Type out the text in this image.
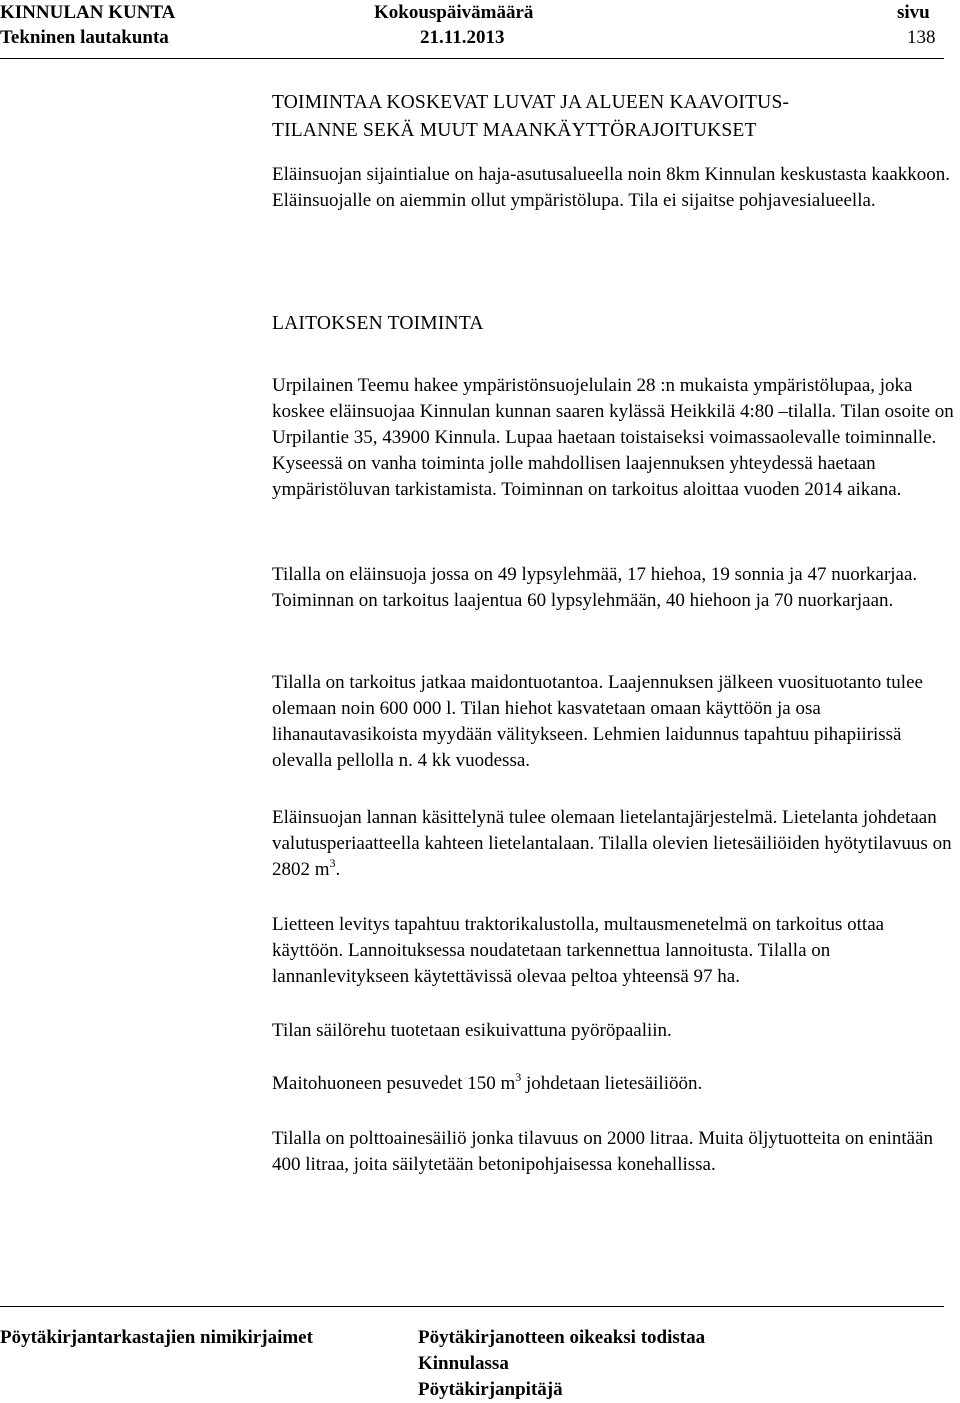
KINNULAN KUNTA
Tekninen lautakunta
Kokouspäivämäärä
21.11.2013
sivu
138
TOIMINTAA KOSKEVAT LUVAT JA ALUEEN KAAVOITUS-
TILANNE SEKÄ MUUT MAANKÄYTTÖRAJOITUKSET

Eläinsuojan sijaintialue on haja-asutusalueella noin 8km Kinnulan keskustasta kaakkoon. Eläinsuojalle on aiemmin ollut ympäristölupa. Tila ei sijaitse pohjavesialueella.

LAITOKSEN TOIMINTA

Urpilainen Teemu hakee ympäristönsuojelulain 28 :n mukaista ympäristölupaa, joka koskee eläinsuojaa Kinnulan kunnan saaren kylässä Heikkilä 4:80 –tilalla. Tilan osoite on Urpilantie 35, 43900 Kinnula. Lupaa haetaan toistaiseksi voimassaolevalle toiminnalle. Kyseessä on vanha toiminta jolle mahdollisen laajennuksen yhteydessä haetaan ympäristöluvan tarkistamista. Toiminnan on tarkoitus aloittaa vuoden 2014 aikana.

Tilalla on eläinsuoja jossa on 49 lypsylehmää, 17 hiehoa, 19 sonnia ja 47 nuorkarjaa. Toiminnan on tarkoitus laajentua 60 lypsylehmään, 40 hiehoon ja 70 nuorkarjaan.

Tilalla on tarkoitus jatkaa maidontuotantoa. Laajennuksen jälkeen vuosituotanto tulee olemaan noin 600 000 l. Tilan hiehot kasvatetaan omaan käyttöön ja osa lihanautavasikoista myydään välitykseen. Lehmien laidunnus tapahtuu pihapiirissä olevalla pellolla n. 4 kk vuodessa.

Eläinsuojan lannan käsittelynä tulee olemaan lietelantajärjestelmä. Lietelanta johdetaan valutusperiaatteella kahteen lietelantalaan. Tilalla olevien lietesäiliöiden hyötytilavuus on 2802 $m^3$.

Lietteen levitys tapahtuu traktorikalustolla, multausmenetelmä on tarkoitus ottaa käyttöön. Lannoituksessa noudatetaan tarkennettua lannoitusta. Tilalla on lannanlevitykseen käytettävissä olevaa peltoa yhteensä 97 ha.

Tilan säilörehu tuotetaan esikuivattuna pyöröpaaliin.

Maitohuoneen pesuvedet 150 $m^3$ johdetaan lietesäiliöön.

Tilalla on polttoainesäiliö jonka tilavuus on 2000 litraa. Muita öljytuotteita on enintään 400 litraa, joita säilytetään betonipohjaisessa konehallissa.

Pöytäkirjantarkastajien nimikirjaimet	Pöytäkirjanotteen oikeaksi todistaa
Kinnulassa
Pöytäkirjanpitäjä
